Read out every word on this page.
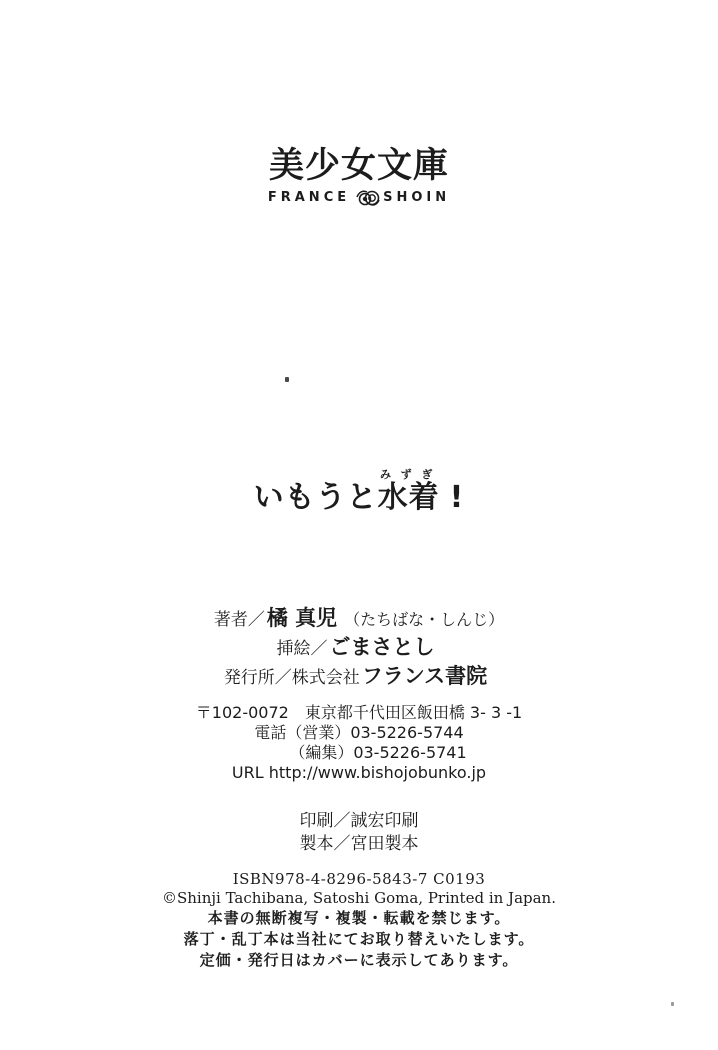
美少女文庫
FRANCE	SHOIN
いもうと水着みずぎ!
著者／橘 真児 （たちばな・しんじ）
挿絵／ごまさとし
発行所／株式会社フランス書院
〒102-0072　東京都千代田区飯田橋 3- 3 -1
電話（営業）03-5226-5744
（編集）03-5226-5741
URL http://www.bishojobunko.jp
印刷／誠宏印刷
製本／宮田製本
ISBN978-4-8296-5843-7 C0193
©Shinji Tachibana, Satoshi Goma, Printed in Japan.
本書の無断複写・複製・転載を禁じます。
落丁・乱丁本は当社にてお取り替えいたします。
定価・発行日はカバーに表示してあります。
